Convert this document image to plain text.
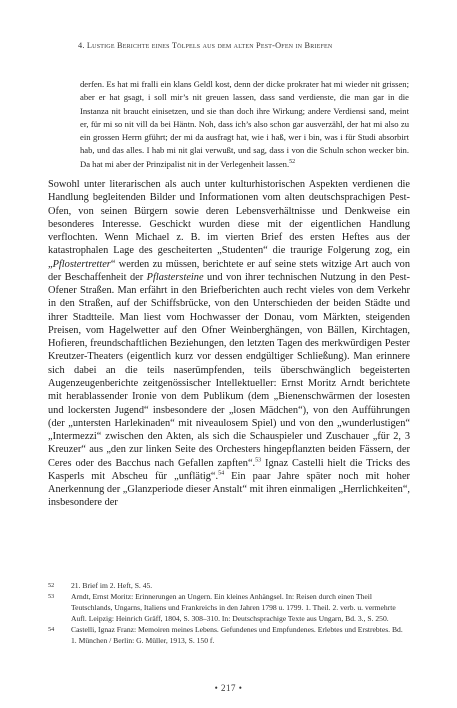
4. Lustige Berichte eines Tölpels aus dem alten Pest-Ofen in Briefen
derfen. Es hat mi fralli ein klans Geldl kost, denn der dicke prokrater hat mi wieder nit grissen; aber er hat gsagt, i soll mir’s nit greuen lassen, dass sand verdienste, die man gar in die Instanza nit braucht einisetzen, und sie than doch ihre Wirkung; andere Verdiensi sand, meint er, für mi so nit vill da bei Häntn. Noh, dass ich’s also schon gar ausverzähl, der hat mi also zu ein grossen Herrn gführt; der mi da ausfragt hat, wie i haß, wer i bin, was i für Studi absorbirt hab, und das alles. I hab mi nit glai verwußt, und sag, dass i von die Schuln schon wecker bin. Da hat mi aber der Prinzipalist nit in der Verlegenheit lassen.$^{52}$
Sowohl unter literarischen als auch unter kulturhistorischen Aspekten verdienen die Handlung begleitenden Bilder und Informationen vom alten deutschsprachigen Pest-Ofen, von seinen Bürgern sowie deren Lebensverhältnisse und Denkweise ein besonderes Interesse. Geschickt wurden diese mit der eigentlichen Handlung verflochten. Wenn Michael z. B. im vierten Brief des ersten Heftes aus der katastrophalen Lage des gescheiterten „Studenten“ die traurige Folgerung zog, ein „Pflostertretter“ werden zu müssen, berichtete er auf seine stets witzige Art auch von der Beschaffenheit der Pflastersteine und von ihrer technischen Nutzung in den Pest-Ofener Straßen. Man erfährt in den Briefberichten auch recht vieles von dem Verkehr in den Straßen, auf der Schiffsbrücke, von den Unterschieden der beiden Städte und ihrer Stadtteile. Man liest vom Hochwasser der Donau, vom Märkten, steigenden Preisen, vom Hagelwetter auf den Ofner Weinberghängen, von Bällen, Kirchtagen, Hofieren, freundschaftlichen Beziehungen, den letzten Tagen des merkwürdigen Pester Kreutzer-Theaters (eigentlich kurz vor dessen endgültiger Schließung). Man erinnere sich dabei an die teils naserümpfenden, teils überschwänglich begeisterten Augenzeugenberichte zeitgenössischer Intellektueller: Ernst Moritz Arndt berichtete mit herablassender Ironie von dem Publikum (dem „Bienenschwärmen der losesten und lockersten Jugend“ insbesondere der „losen Mädchen“), von den Aufführungen (der „untersten Harlekinaden“ mit niveaulosem Spiel) und von den „wunderlustigen“ „Intermezzi“ zwischen den Akten, als sich die Schauspieler und Zuschauer „für 2, 3 Kreuzer“ aus „den zur linken Seite des Orchesters hingepflanzten beiden Fässern, der Ceres oder des Bacchus nach Gefallen zapften“.$^{53}$ Ignaz Castelli hielt die Tricks des Kasperls mit Abscheu für „unflätig“.$^{54}$ Ein paar Jahre später noch mit hoher Anerkennung der „Glanzperiode dieser Anstalt“ mit ihren einmaligen „Herrlichkeiten“, insbesondere der
52	21. Brief im 2. Heft, S. 45.
53	Arndt, Ernst Moritz: Erinnerungen an Ungern. Ein kleines Anhängsel. In: Reisen durch einen Theil Teutschlands, Ungarns, Italiens und Frankreichs in den Jahren 1798 u. 1799. 1. Theil. 2. verb. u. vermehrte Aufl. Leipzig: Heinrich Gräff, 1804, S. 308–310. In: Deutschsprachige Texte aus Ungarn, Bd. 3., S. 250.
54	Castelli, Ignaz Franz: Memoiren meines Lebens. Gefundenes und Empfundenes. Erlebtes und Erstrebtes. Bd. 1. München / Berlin: G. Müller, 1913, S. 150 f.
• 217 •
